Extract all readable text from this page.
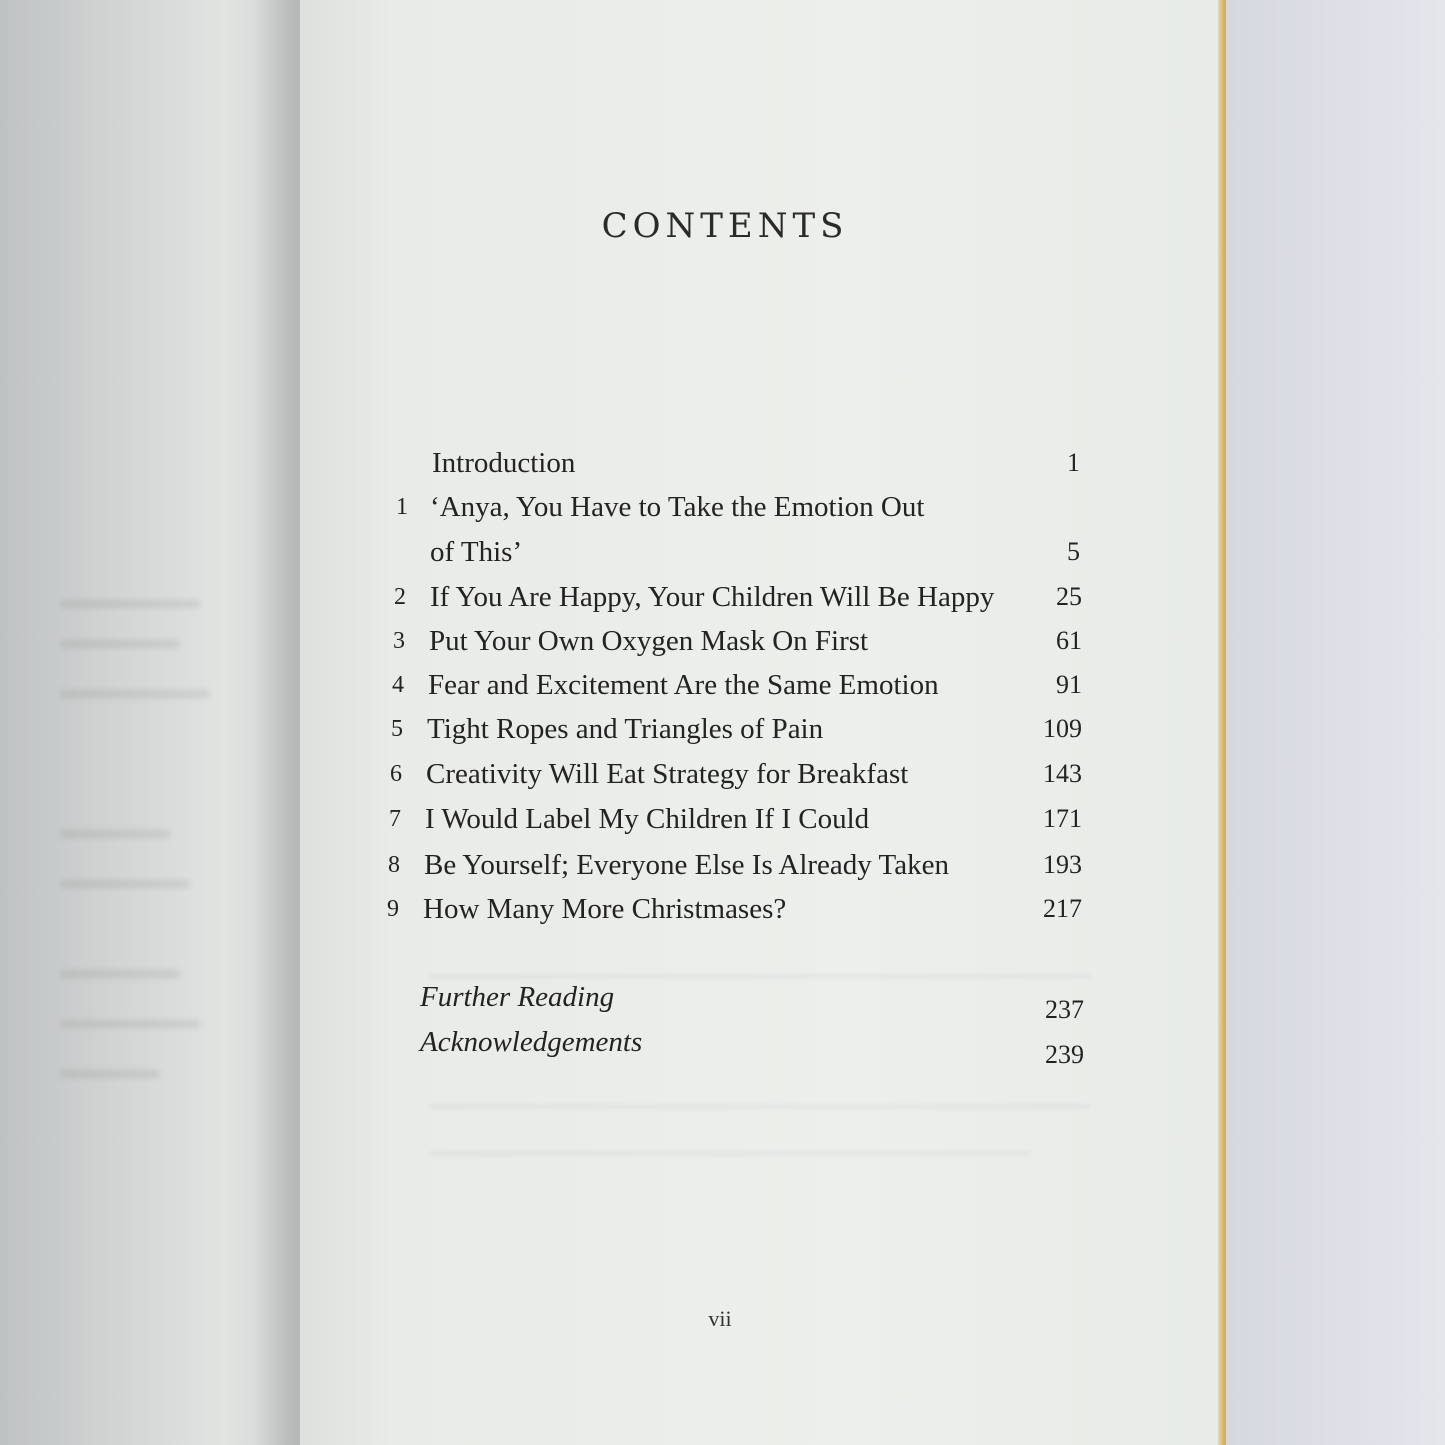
CONTENTS
Introduction	1
1 ‘Anya, You Have to Take the Emotion Out
of This’	5
2 If You Are Happy, Your Children Will Be Happy 25
3 Put Your Own Oxygen Mask On First	61
4 Fear and Excitement Are the Same Emotion	91
5 Tight Ropes and Triangles of Pain	109
6 Creativity Will Eat Strategy for Breakfast	143
7 I Would Label My Children If I Could	171
8 Be Yourself; Everyone Else Is Already Taken	193
9 How Many More Christmases?	217
Further Reading	237
Acknowledgements	239
vii
